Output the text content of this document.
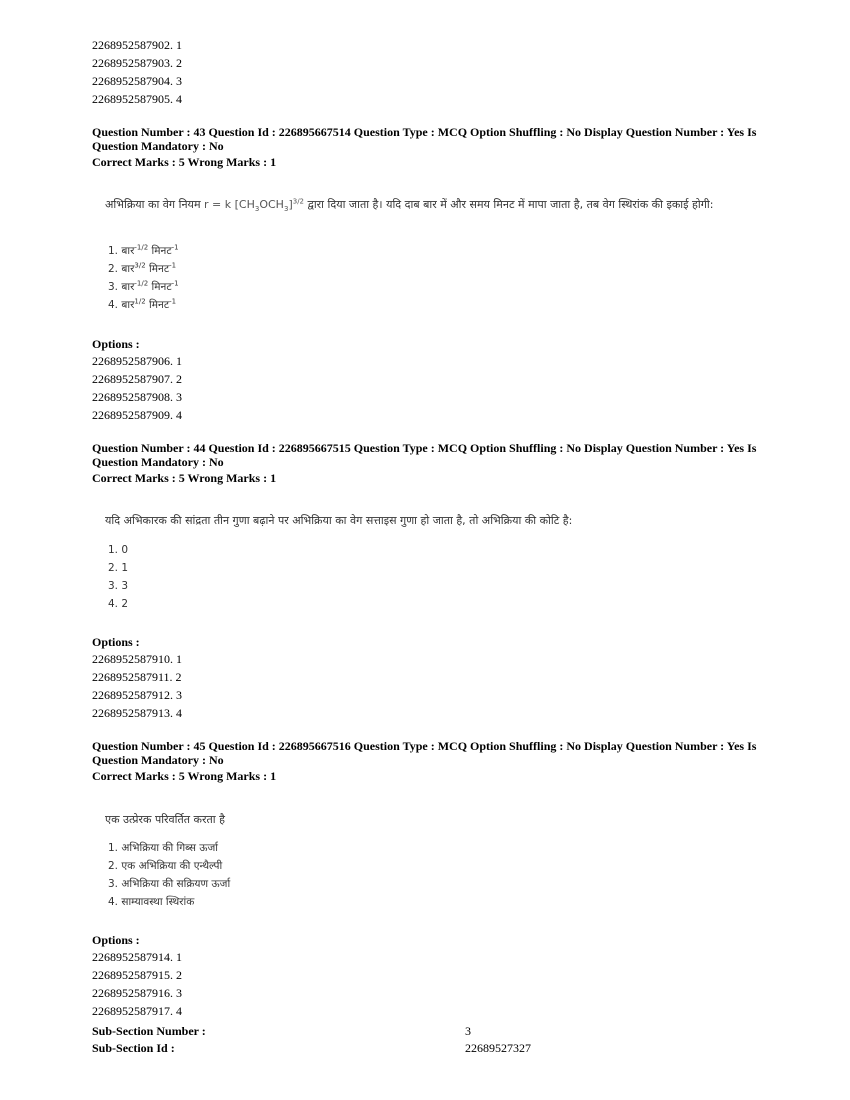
2268952587902. 1
2268952587903. 2
2268952587904. 3
2268952587905. 4
Question Number : 43 Question Id : 226895667514 Question Type : MCQ Option Shuffling : No Display Question Number : Yes Is Question Mandatory : No
Correct Marks : 5 Wrong Marks : 1
अभिक्रिया का वेग नियम r = k $[CH_3OCH_3]^{3/2}$ द्वारा दिया जाता है। यदि दाब बार में और समय मिनट में मापा जाता है, तब वेग स्थिरांक की इकाई होगी:
1. बार$^{-1/2}$ मिनट$^{-1}$
2. बार$^{3/2}$ मिनट$^{-1}$
3. बार$^{-1/2}$ मिनट$^{-1}$
4. बार$^{1/2}$ मिनट$^{-1}$
Options :
2268952587906. 1
2268952587907. 2
2268952587908. 3
2268952587909. 4
Question Number : 44 Question Id : 226895667515 Question Type : MCQ Option Shuffling : No Display Question Number : Yes Is Question Mandatory : No
Correct Marks : 5 Wrong Marks : 1
यदि अभिकारक की सांद्रता तीन गुणा बढ़ाने पर अभिक्रिया का वेग सत्ताइस गुणा हो जाता है, तो अभिक्रिया की कोटि है:
1. 0
2. 1
3. 3
4. 2
Options :
2268952587910. 1
2268952587911. 2
2268952587912. 3
2268952587913. 4
Question Number : 45 Question Id : 226895667516 Question Type : MCQ Option Shuffling : No Display Question Number : Yes Is Question Mandatory : No
Correct Marks : 5 Wrong Marks : 1
एक उत्प्रेरक परिवर्तित करता है
1. अभिक्रिया की गिब्स ऊर्जा
2. एक अभिक्रिया की एन्थैल्पी
3. अभिक्रिया की सक्रियण ऊर्जा
4. साम्यावस्था स्थिरांक
Options :
2268952587914. 1
2268952587915. 2
2268952587916. 3
2268952587917. 4
Sub-Section Number :	3
Sub-Section Id :	22689527327
